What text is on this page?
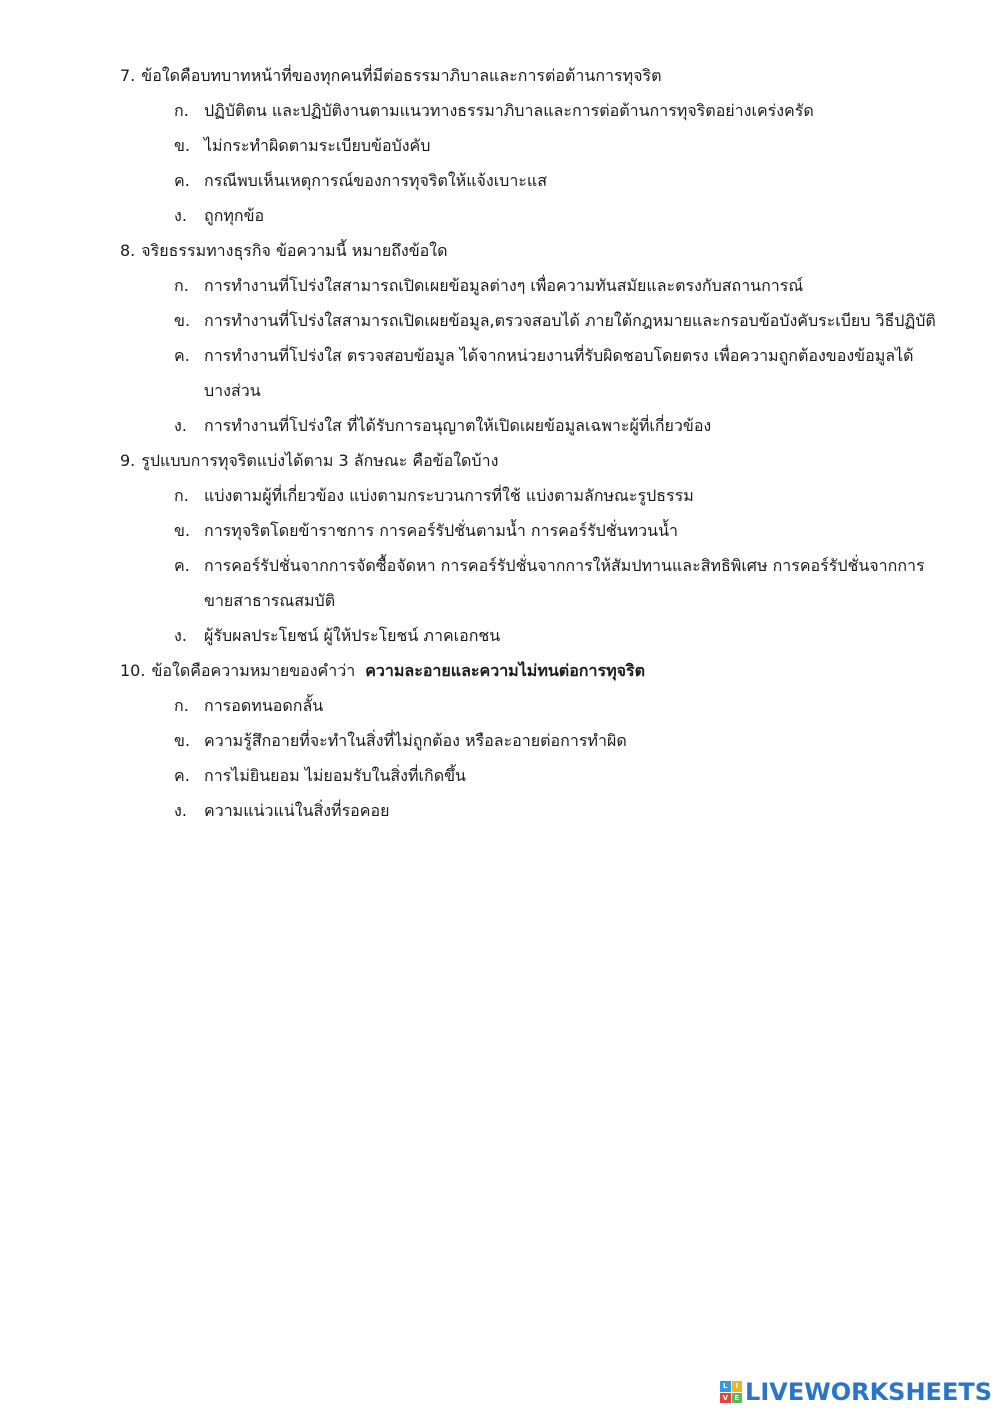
7. ข้อใดคือบทบาทหน้าที่ของทุกคนที่มีต่อธรรมาภิบาลและการต่อต้านการทุจริต
ก. ปฏิบัติตน และปฏิบัติงานตามแนวทางธรรมาภิบาลและการต่อต้านการทุจริตอย่างเคร่งครัด
ข. ไม่กระทำผิดตามระเบียบข้อบังคับ
ค. กรณีพบเห็นเหตุการณ์ของการทุจริตให้แจ้งเบาะแส
ง.	ถูกทุกข้อ
8. จริยธรรมทางธุรกิจ ข้อความนี้ หมายถึงข้อใด
ก. การทำงานที่โปร่งใสสามารถเปิดเผยข้อมูลต่างๆ เพื่อความทันสมัยและตรงกับสถานการณ์
ข. การทำงานที่โปร่งใสสามารถเปิดเผยข้อมูล,ตรวจสอบได้ ภายใต้กฎหมายและกรอบข้อบังคับระเบียบ วิธีปฏิบัติ
ค. การทำงานที่โปร่งใส ตรวจสอบข้อมูล ได้จากหน่วยงานที่รับผิดชอบโดยตรง เพื่อความถูกต้องของข้อมูลได้บางส่วน
ง.	การทำงานที่โปร่งใส ที่ได้รับการอนุญาตให้เปิดเผยข้อมูลเฉพาะผู้ที่เกี่ยวข้อง
9. รูปแบบการทุจริตแบ่งได้ตาม 3 ลักษณะ คือข้อใดบ้าง
ก. แบ่งตามผู้ที่เกี่ยวข้อง แบ่งตามกระบวนการที่ใช้ แบ่งตามลักษณะรูปธรรม
ข. การทุจริตโดยข้าราชการ การคอร์รัปชั่นตามน้ำ การคอร์รัปชั่นทวนน้ำ
ค. การคอร์รัปชั่นจากการจัดซื้อจัดหา การคอร์รัปชั่นจากการให้สัมปทานและสิทธิพิเศษ การคอร์รัปชั่นจากการขายสาธารณสมบัติ
ง.	ผู้รับผลประโยชน์ ผู้ให้ประโยชน์ ภาคเอกชน
10. ข้อใดคือความหมายของคำว่า ความละอายและความไม่ทนต่อการทุจริต
ก. การอดทนอดกลั้น
ข. ความรู้สึกอายที่จะทำในสิ่งที่ไม่ถูกต้อง หรือละอายต่อการทำผิด
ค. การไม่ยินยอม ไม่ยอมรับในสิ่งที่เกิดขึ้น
ง.	ความแน่วแน่ในสิ่งที่รอคอย
L	I
V E LIVEWORKSHEETS
